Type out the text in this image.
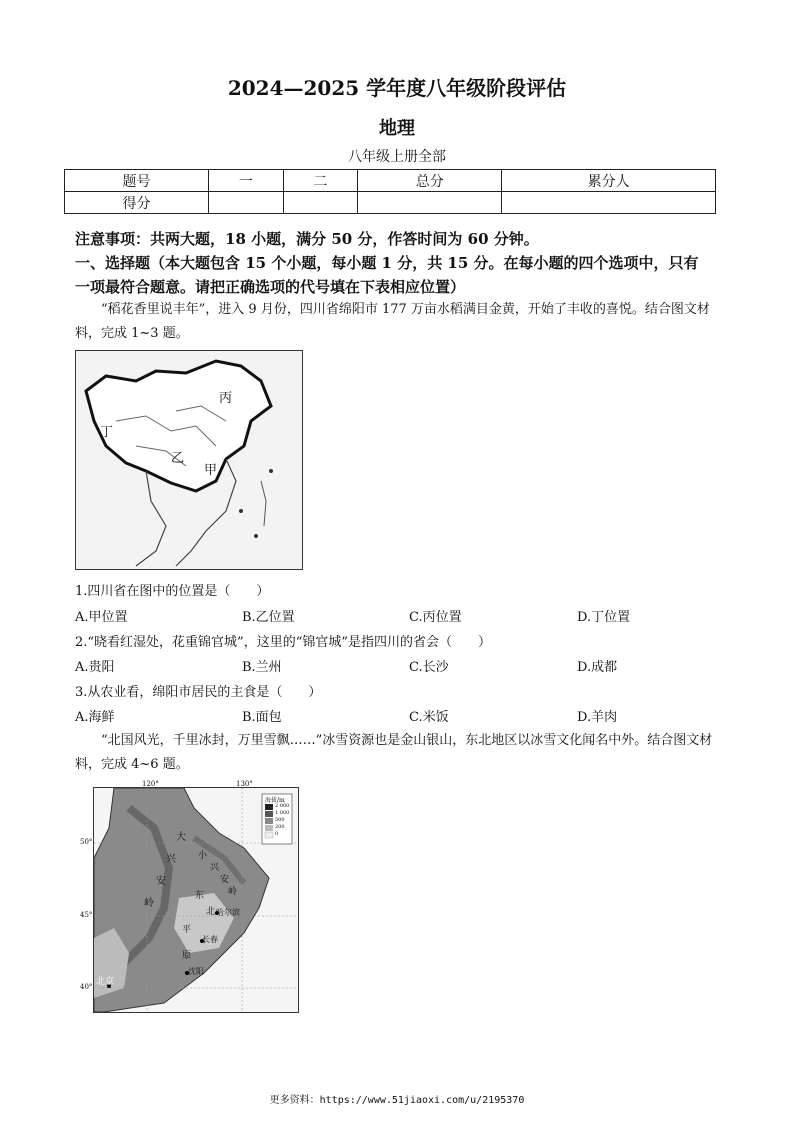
2024—2025 学年度八年级阶段评估
地理
八年级上册全部
题号	一	二	总分	累分人
得分				
注意事项：共两大题，18 小题，满分 50 分，作答时间为 60 分钟。
一、选择题（本大题包含 15 个小题，每小题 1 分，共 15 分。在每小题的四个选项中，只有
一项最符合题意。请把正确选项的代号填在下表相应位置）
“稻花香里说丰年”，进入 9 月份，四川省绵阳市 177 万亩水稻满目金黄，开始了丰收的喜悦。结合图文材料，完成 1~3 题。
丙
丁
乙
甲
1.四川省在图中的位置是（　　）
A.甲位置	B.乙位置	C.丙位置	D.丁位置
2.“晓看红湿处，花重锦官城”，这里的“锦官城”是指四川的省会（　　）
A.贵阳	B.兰州	C.长沙	D.成都
3.从农业看，绵阳市居民的主食是（　　）
A.海鲜	B.面包	C.米饭	D.羊肉
“北国风光，千里冰封，万里雪飘……”冰雪资源也是金山银山，东北地区以冰雪文化闻名中外。结合图文材料，完成 4~6 题。
120°	130°
50°
45°
40°
海拔/m
2 000
1 000
500
200
0
大
兴
安
岭
小
兴
安
岭
哈尔滨
长春
沈阳
北京
东
北
平
原
更多资料：https://www.51jiaoxi.com/u/2195370
